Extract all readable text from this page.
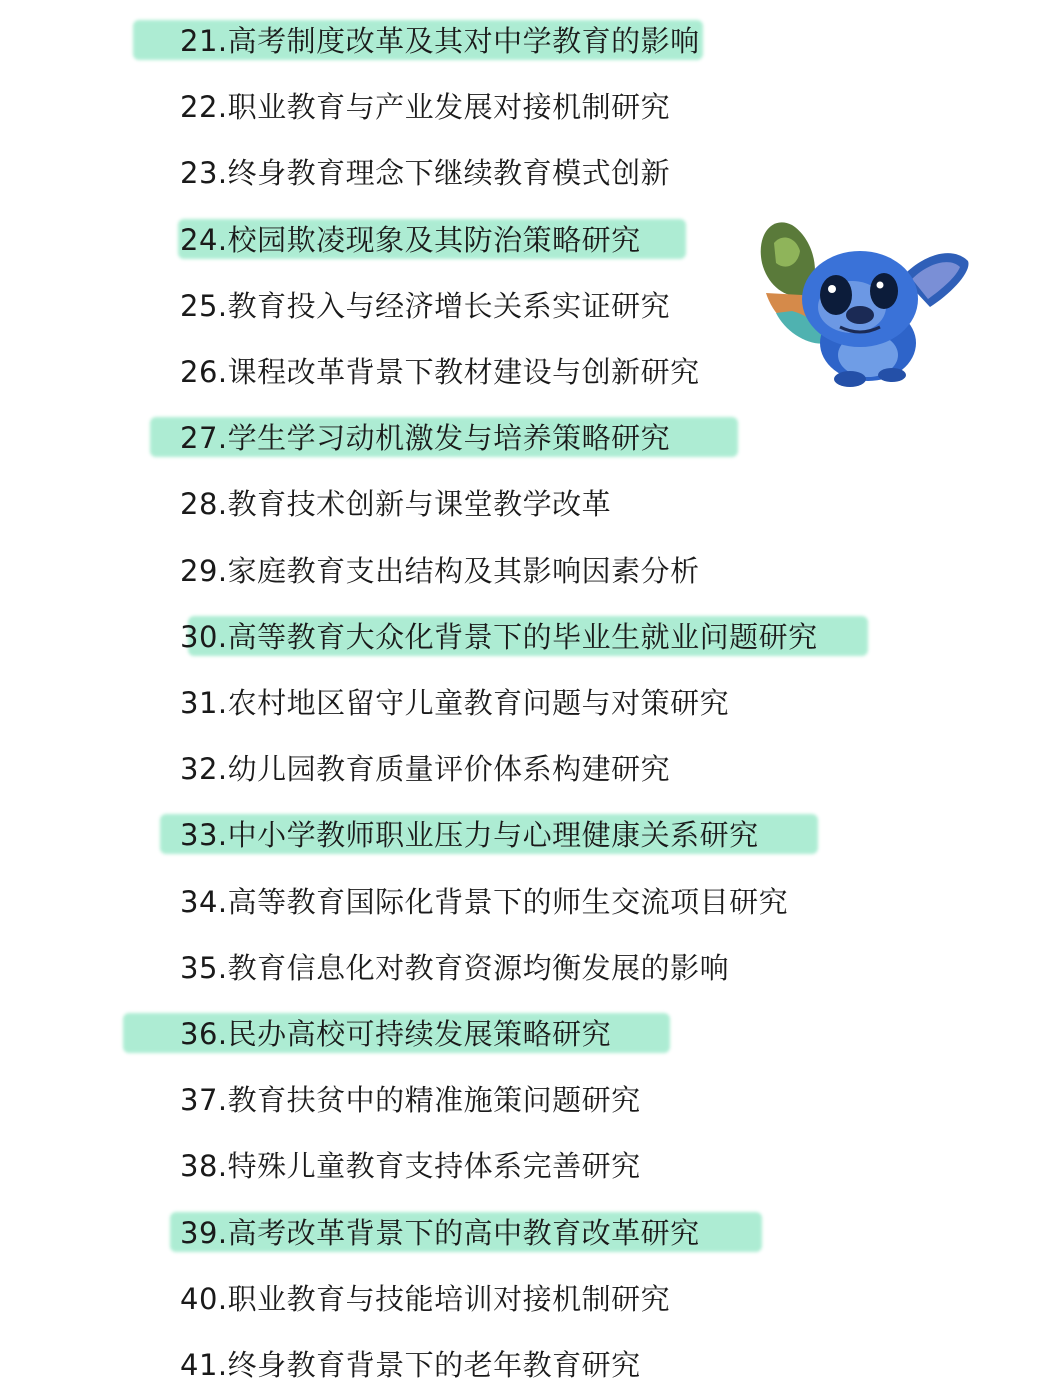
21.高考制度改革及其对中学教育的影响
22.职业教育与产业发展对接机制研究
23.终身教育理念下继续教育模式创新
24.校园欺凌现象及其防治策略研究
25.教育投入与经济增长关系实证研究
26.课程改革背景下教材建设与创新研究
27.学生学习动机激发与培养策略研究
28.教育技术创新与课堂教学改革
29.家庭教育支出结构及其影响因素分析
30.高等教育大众化背景下的毕业生就业问题研究
31.农村地区留守儿童教育问题与对策研究
32.幼儿园教育质量评价体系构建研究
33.中小学教师职业压力与心理健康关系研究
34.高等教育国际化背景下的师生交流项目研究
35.教育信息化对教育资源均衡发展的影响
36.民办高校可持续发展策略研究
37.教育扶贫中的精准施策问题研究
38.特殊儿童教育支持体系完善研究
39.高考改革背景下的高中教育改革研究
40.职业教育与技能培训对接机制研究
41.终身教育背景下的老年教育研究
